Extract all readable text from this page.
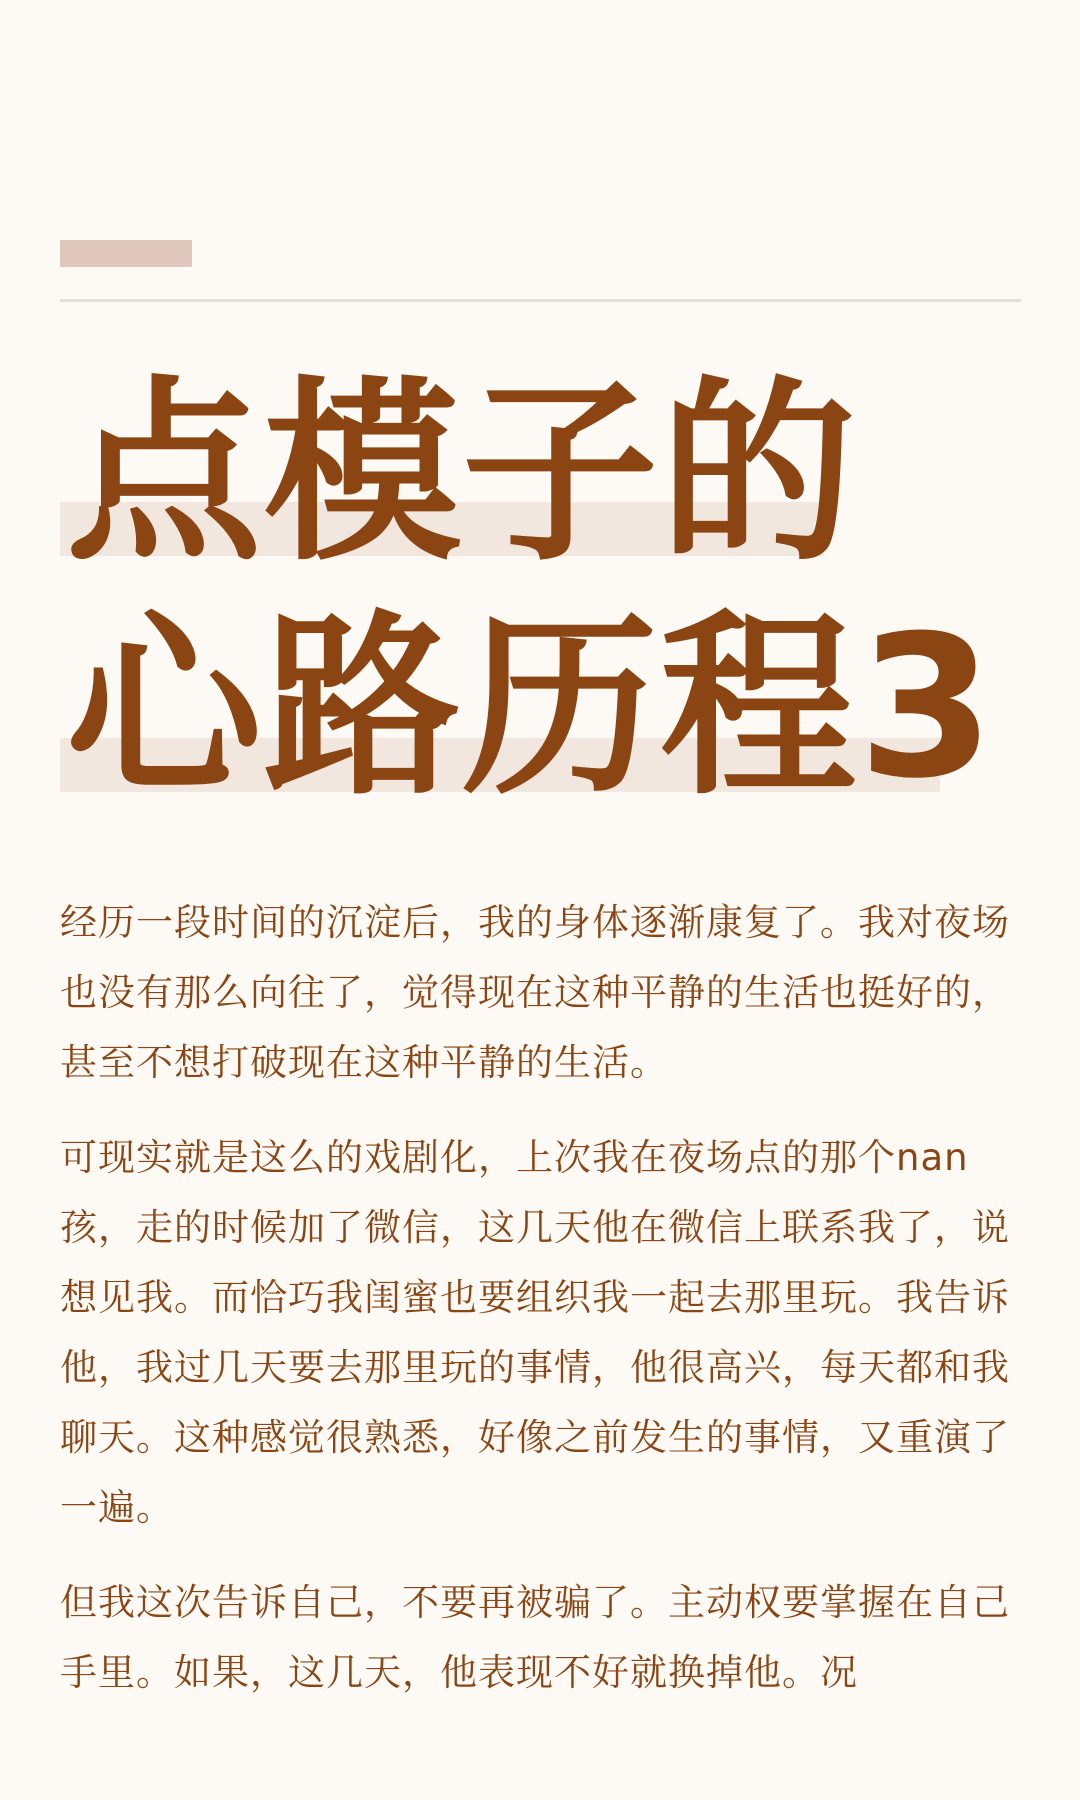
点模子的
心路历程3

经历一段时间的沉淀后，我的身体逐渐康复了。我对夜场也没有那么向往了，觉得现在这种平静的生活也挺好的，甚至不想打破现在这种平静的生活。

可现实就是这么的戏剧化，上次我在夜场点的那个nan孩，走的时候加了微信，这几天他在微信上联系我了，说想见我。而恰巧我闺蜜也要组织我一起去那里玩。我告诉他，我过几天要去那里玩的事情，他很高兴，每天都和我聊天。这种感觉很熟悉，好像之前发生的事情，又重演了一遍。

但我这次告诉自己，不要再被骗了。主动权要掌握在自己手里。如果，这几天，他表现不好就换掉他。况
